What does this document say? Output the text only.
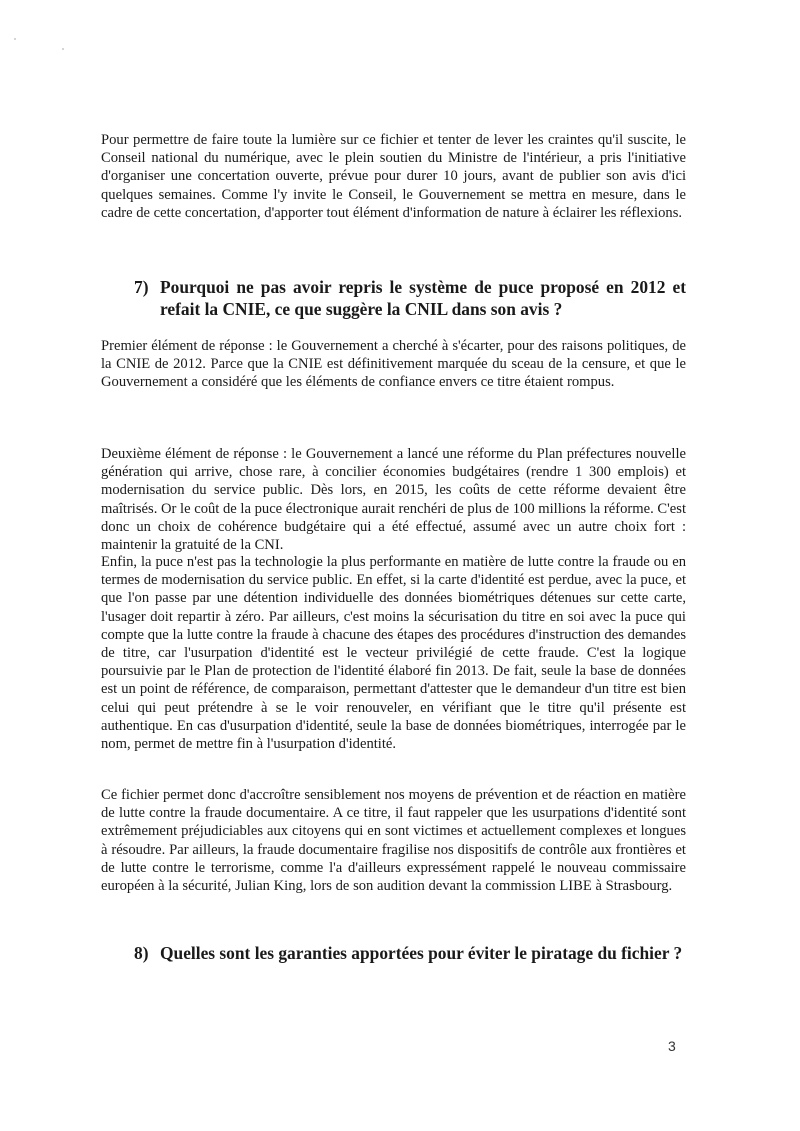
Pour permettre de faire toute la lumière sur ce fichier et tenter de lever les craintes qu'il suscite, le Conseil national du numérique, avec le plein soutien du Ministre de l'intérieur, a pris l'initiative d'organiser une concertation ouverte, prévue pour durer 10 jours, avant de publier son avis d'ici quelques semaines. Comme l'y invite le Conseil, le Gouvernement se mettra en mesure, dans le cadre de cette concertation, d'apporter tout élément d'information de nature à éclairer les réflexions.

7) Pourquoi ne pas avoir repris le système de puce proposé en 2012 et refait la CNIE, ce que suggère la CNIL dans son avis ?

Premier élément de réponse : le Gouvernement a cherché à s'écarter, pour des raisons politiques, de la CNIE de 2012. Parce que la CNIE est définitivement marquée du sceau de la censure, et que le Gouvernement a considéré que les éléments de confiance envers ce titre étaient rompus.

Deuxième élément de réponse : le Gouvernement a lancé une réforme du Plan préfectures nouvelle génération qui arrive, chose rare, à concilier économies budgétaires (rendre 1 300 emplois) et modernisation du service public. Dès lors, en 2015, les coûts de cette réforme devaient être maîtrisés. Or le coût de la puce électronique aurait renchéri de plus de 100 millions la réforme. C'est donc un choix de cohérence budgétaire qui a été effectué, assumé avec un autre choix fort : maintenir la gratuité de la CNI.

Enfin, la puce n'est pas la technologie la plus performante en matière de lutte contre la fraude ou en termes de modernisation du service public. En effet, si la carte d'identité est perdue, avec la puce, et que l'on passe par une détention individuelle des données biométriques détenues sur cette carte, l'usager doit repartir à zéro. Par ailleurs, c'est moins la sécurisation du titre en soi avec la puce qui compte que la lutte contre la fraude à chacune des étapes des procédures d'instruction des demandes de titre, car l'usurpation d'identité est le vecteur privilégié de cette fraude. C'est la logique poursuivie par le Plan de protection de l'identité élaboré fin 2013. De fait, seule la base de données est un point de référence, de comparaison, permettant d'attester que le demandeur d'un titre est bien celui qui peut prétendre à se le voir renouveler, en vérifiant que le titre qu'il présente est authentique. En cas d'usurpation d'identité, seule la base de données biométriques, interrogée par le nom, permet de mettre fin à l'usurpation d'identité.

Ce fichier permet donc d'accroître sensiblement nos moyens de prévention et de réaction en matière de lutte contre la fraude documentaire. A ce titre, il faut rappeler que les usurpations d'identité sont extrêmement préjudiciables aux citoyens qui en sont victimes et actuellement complexes et longues à résoudre. Par ailleurs, la fraude documentaire fragilise nos dispositifs de contrôle aux frontières et de lutte contre le terrorisme, comme l'a d'ailleurs expressément rappelé le nouveau commissaire européen à la sécurité, Julian King, lors de son audition devant la commission LIBE à Strasbourg.

8) Quelles sont les garanties apportées pour éviter le piratage du fichier ?
3
